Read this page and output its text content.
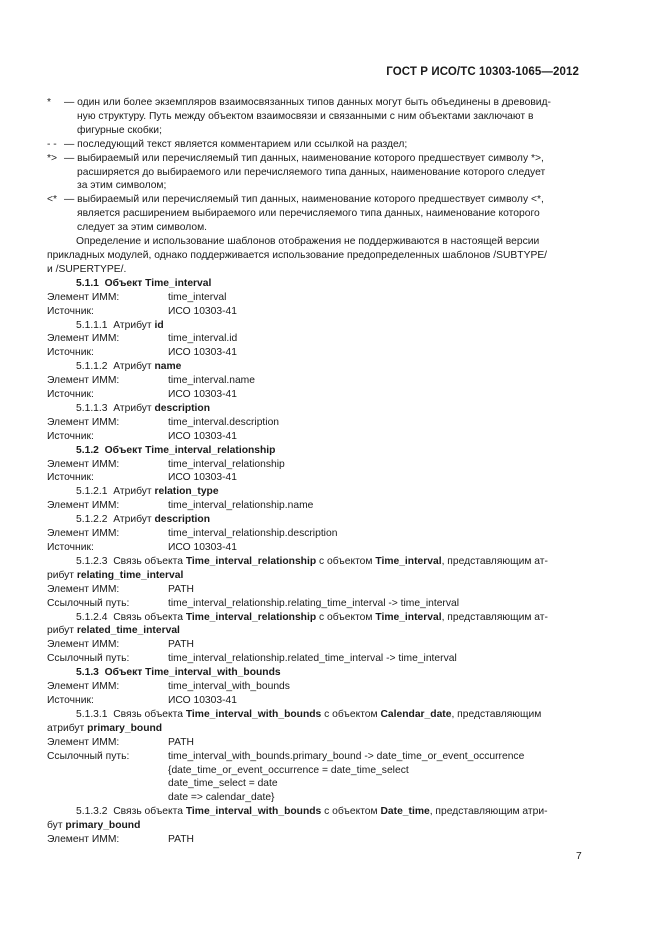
ГОСТ Р ИСО/ТС 10303-1065—2012
*	— один или более экземпляров взаимосвязанных типов данных могут быть объединены в древовид-
ную структуру. Путь между объектом взаимосвязи и связанными с ним объектами заключают в
фигурные скобки;
- - — последующий текст является комментарием или ссылкой на раздел;
*> — выбираемый или перечисляемый тип данных, наименование которого предшествует символу *>,
расширяется до выбираемого или перечисляемого типа данных, наименование которого следует
за этим символом;
<* — выбираемый или перечисляемый тип данных, наименование которого предшествует символу <*,
является расширением выбираемого или перечисляемого типа данных, наименование которого
следует за этим символом.
Определение и использование шаблонов отображения не поддерживаются в настоящей версии
прикладных модулей, однако поддерживается использование предопределенных шаблонов /SUBTYPE/
и /SUPERTYPE/.
5.1.1 Объект Time_interval
Элемент ИММ:	time_interval
Источник:	ИСО 10303-41
5.1.1.1 Атрибут id
Элемент ИММ:	time_interval.id
Источник:	ИСО 10303-41
5.1.1.2 Атрибут name
Элемент ИММ:	time_interval.name
Источник:	ИСО 10303-41
5.1.1.3 Атрибут description
Элемент ИММ:	time_interval.description
Источник:	ИСО 10303-41
5.1.2 Объект Time_interval_relationship
Элемент ИММ:	time_interval_relationship
Источник:	ИСО 10303-41
5.1.2.1 Атрибут relation_type
Элемент ИММ:	time_interval_relationship.name
5.1.2.2 Атрибут description
Элемент ИММ:	time_interval_relationship.description
Источник:	ИСО 10303-41
5.1.2.3 Связь объекта Time_interval_relationship с объектом Time_interval, представляющим ат-
рибут relating_time_interval
Элемент ИММ:	PATH
Ссылочный путь:	time_interval_relationship.relating_time_interval -> time_interval
5.1.2.4 Связь объекта Time_interval_relationship с объектом Time_interval, представляющим ат-
рибут related_time_interval
Элемент ИММ:	PATH
Ссылочный путь:	time_interval_relationship.related_time_interval -> time_interval
5.1.3 Объект Time_interval_with_bounds
Элемент ИММ:	time_interval_with_bounds
Источник:	ИСО 10303-41
5.1.3.1 Связь объекта Time_interval_with_bounds с объектом Calendar_date, представляющим
атрибут primary_bound
Элемент ИММ:	PATH
Ссылочный путь:	time_interval_with_bounds.primary_bound -> date_time_or_event_occurrence
{date_time_or_event_occurrence = date_time_select
date_time_select = date
date => calendar_date}
5.1.3.2 Связь объекта Time_interval_with_bounds с объектом Date_time, представляющим атри-
бут primary_bound
Элемент ИММ:	PATH
7
